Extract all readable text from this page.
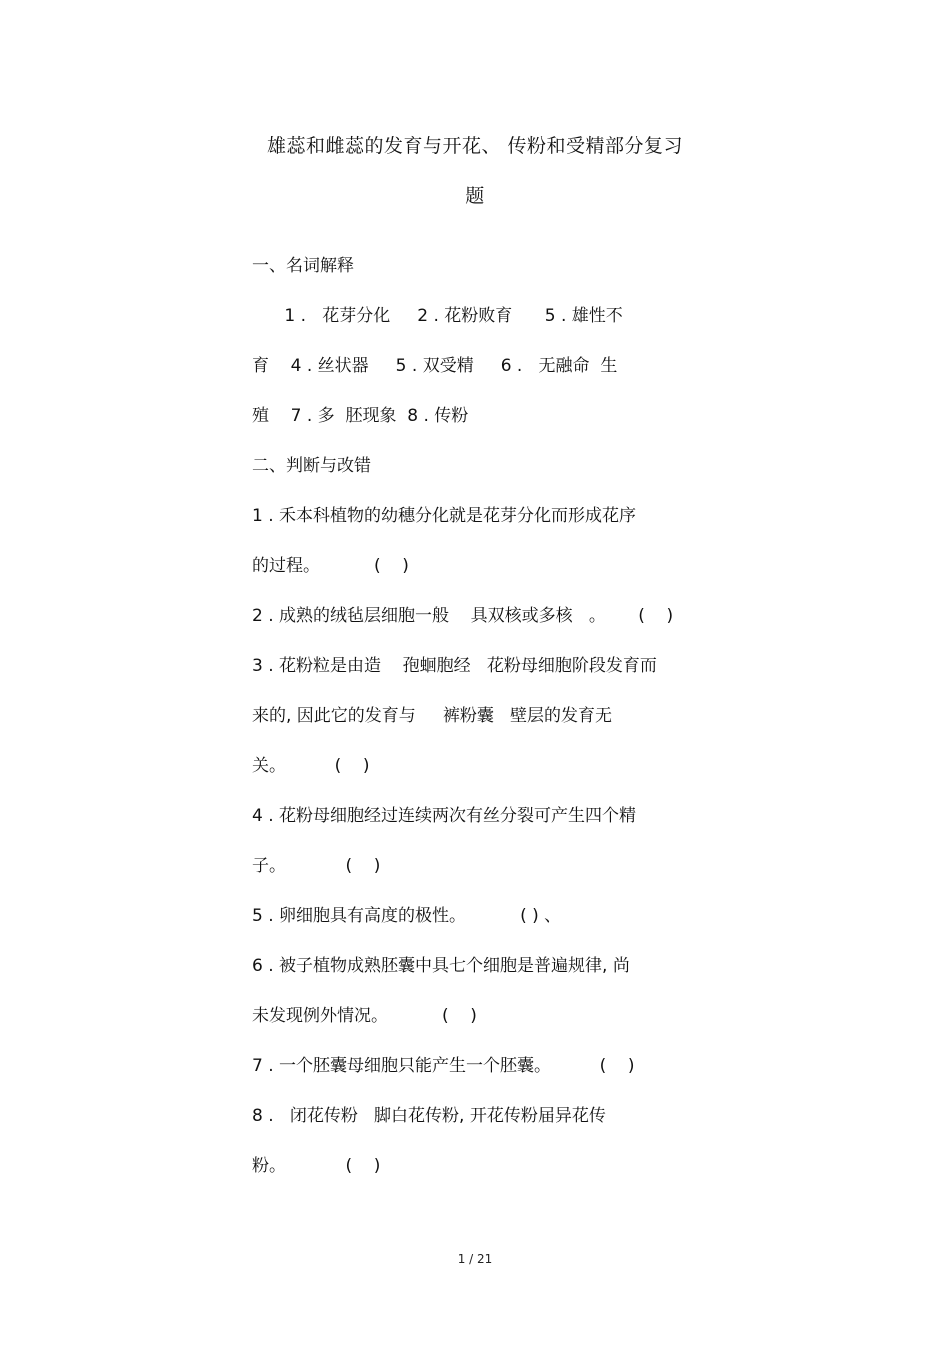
雄蕊和雌蕊的发育与开花、 传粉和受精部分复习
题
一、名词解释
1 .   花芽分化     2 . 花粉败育      5 . 雄性不
育    4 . 丝状器     5 . 双受精     6 .   无融命  生
殖    7 . 多  胚现象  8 . 传粉
二、判断与改错
1 . 禾本科植物的幼穗分化就是花芽分化而形成花序
的过程。          (    )
2 . 成熟的绒毡层细胞一般    具双核或多核   。      (    )
3 . 花粉粒是由造    孢蛔胞经   花粉母细胞阶段发育而
来的, 因此它的发育与     裤粉囊   壁层的发育无
关。         (    )
4 . 花粉母细胞经过连续两次有丝分裂可产生四个精
子。           (    )
5 . 卵细胞具有高度的极性。          ( ) 、
6 . 被子植物成熟胚囊中具七个细胞是普遍规律, 尚
未发现例外情况。          (    )
7 . 一个胚囊母细胞只能产生一个胚囊。         (    )
8 .   闭花传粉   脚白花传粉, 开花传粉届异花传
粉。           (    )
1 / 21
